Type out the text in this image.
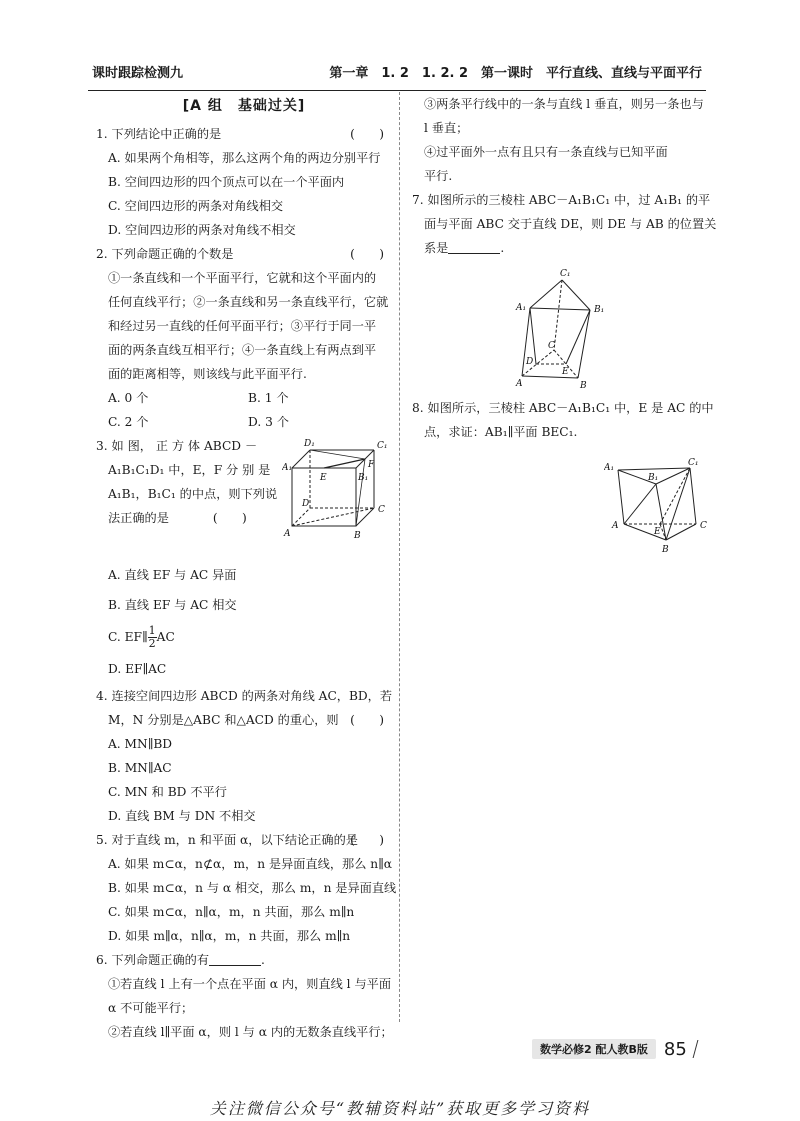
课时跟踪检测九	第一章　1. 2　1. 2. 2　第一课时　平行直线、直线与平面平行
[A 组　基础过关]
1. 下列结论中正确的是	(　　)
A. 如果两个角相等，那么这两个角的两边分别平行
B. 空间四边形的四个顶点可以在一个平面内
C. 空间四边形的两条对角线相交
D. 空间四边形的两条对角线不相交
2. 下列命题正确的个数是	(　　)
①一条直线和一个平面平行，它就和这个平面内的
任何直线平行；②一条直线和另一条直线平行，它就
和经过另一直线的任何平面平行；③平行于同一平
面的两条直线互相平行；④一条直线上有两点到平
面的距离相等，则该线与此平面平行.
A. 0 个	B. 1 个
C. 2 个	D. 3 个
3. 如 图， 正 方 体 ABCD －
A₁B₁C₁D₁ 中，E，F 分 别 是
A₁B₁，B₁C₁ 的中点，则下列说
法正确的是	(　　)
D₁	C₁
A₁
E
F
B₁
D
C
A	B
A. 直线 EF 与 AC 异面
B. 直线 EF 与 AC 相交
C. EF∥ $\frac{1}{2}$ AC
D. EF∥AC
4. 连接空间四边形 ABCD 的两条对角线 AC，BD，若
M，N 分别是△ABC 和△ACD 的重心，则 (　　)
A. MN∥BD
B. MN∥AC
C. MN 和 BD 不平行
D. 直线 BM 与 DN 不相交
5. 对于直线 m，n 和平面 α，以下结论正确的是
(　　)
A. 如果 m⊂α，n⊄α，m，n 是异面直线，那么 n∥α
B. 如果 m⊂α，n 与 α 相交，那么 m，n 是异面直线
C. 如果 m⊂α，n∥α，m，n 共面，那么 m∥n
D. 如果 m∥α，n∥α，m，n 共面，那么 m∥n
6. 下列命题正确的有	.
①若直线 l 上有一个点在平面 α 内，则直线 l 与平面
α 不可能平行；
②若直线 l∥平面 α，则 l 与 α 内的无数条直线平行；
③两条平行线中的一条与直线 l 垂直，则另一条也与
l 垂直；
④过平面外一点有且只有一条直线与已知平面
平行.
7. 如图所示的三棱柱 ABC－A₁B₁C₁ 中，过 A₁B₁ 的平
面与平面 ABC 交于直线 DE，则 DE 与 AB 的位置关
系是	.
C₁
A₁	B₁
C
D
E
A	B
8. 如图所示，三棱柱 ABC－A₁B₁C₁ 中，E 是 AC 的中
点，求证：AB₁∥平面 BEC₁.
A₁	C₁
B₁
A
E
C
B
数学必修2 配人教B版 85
关注微信公众号“教辅资料站”获取更多学习资料
